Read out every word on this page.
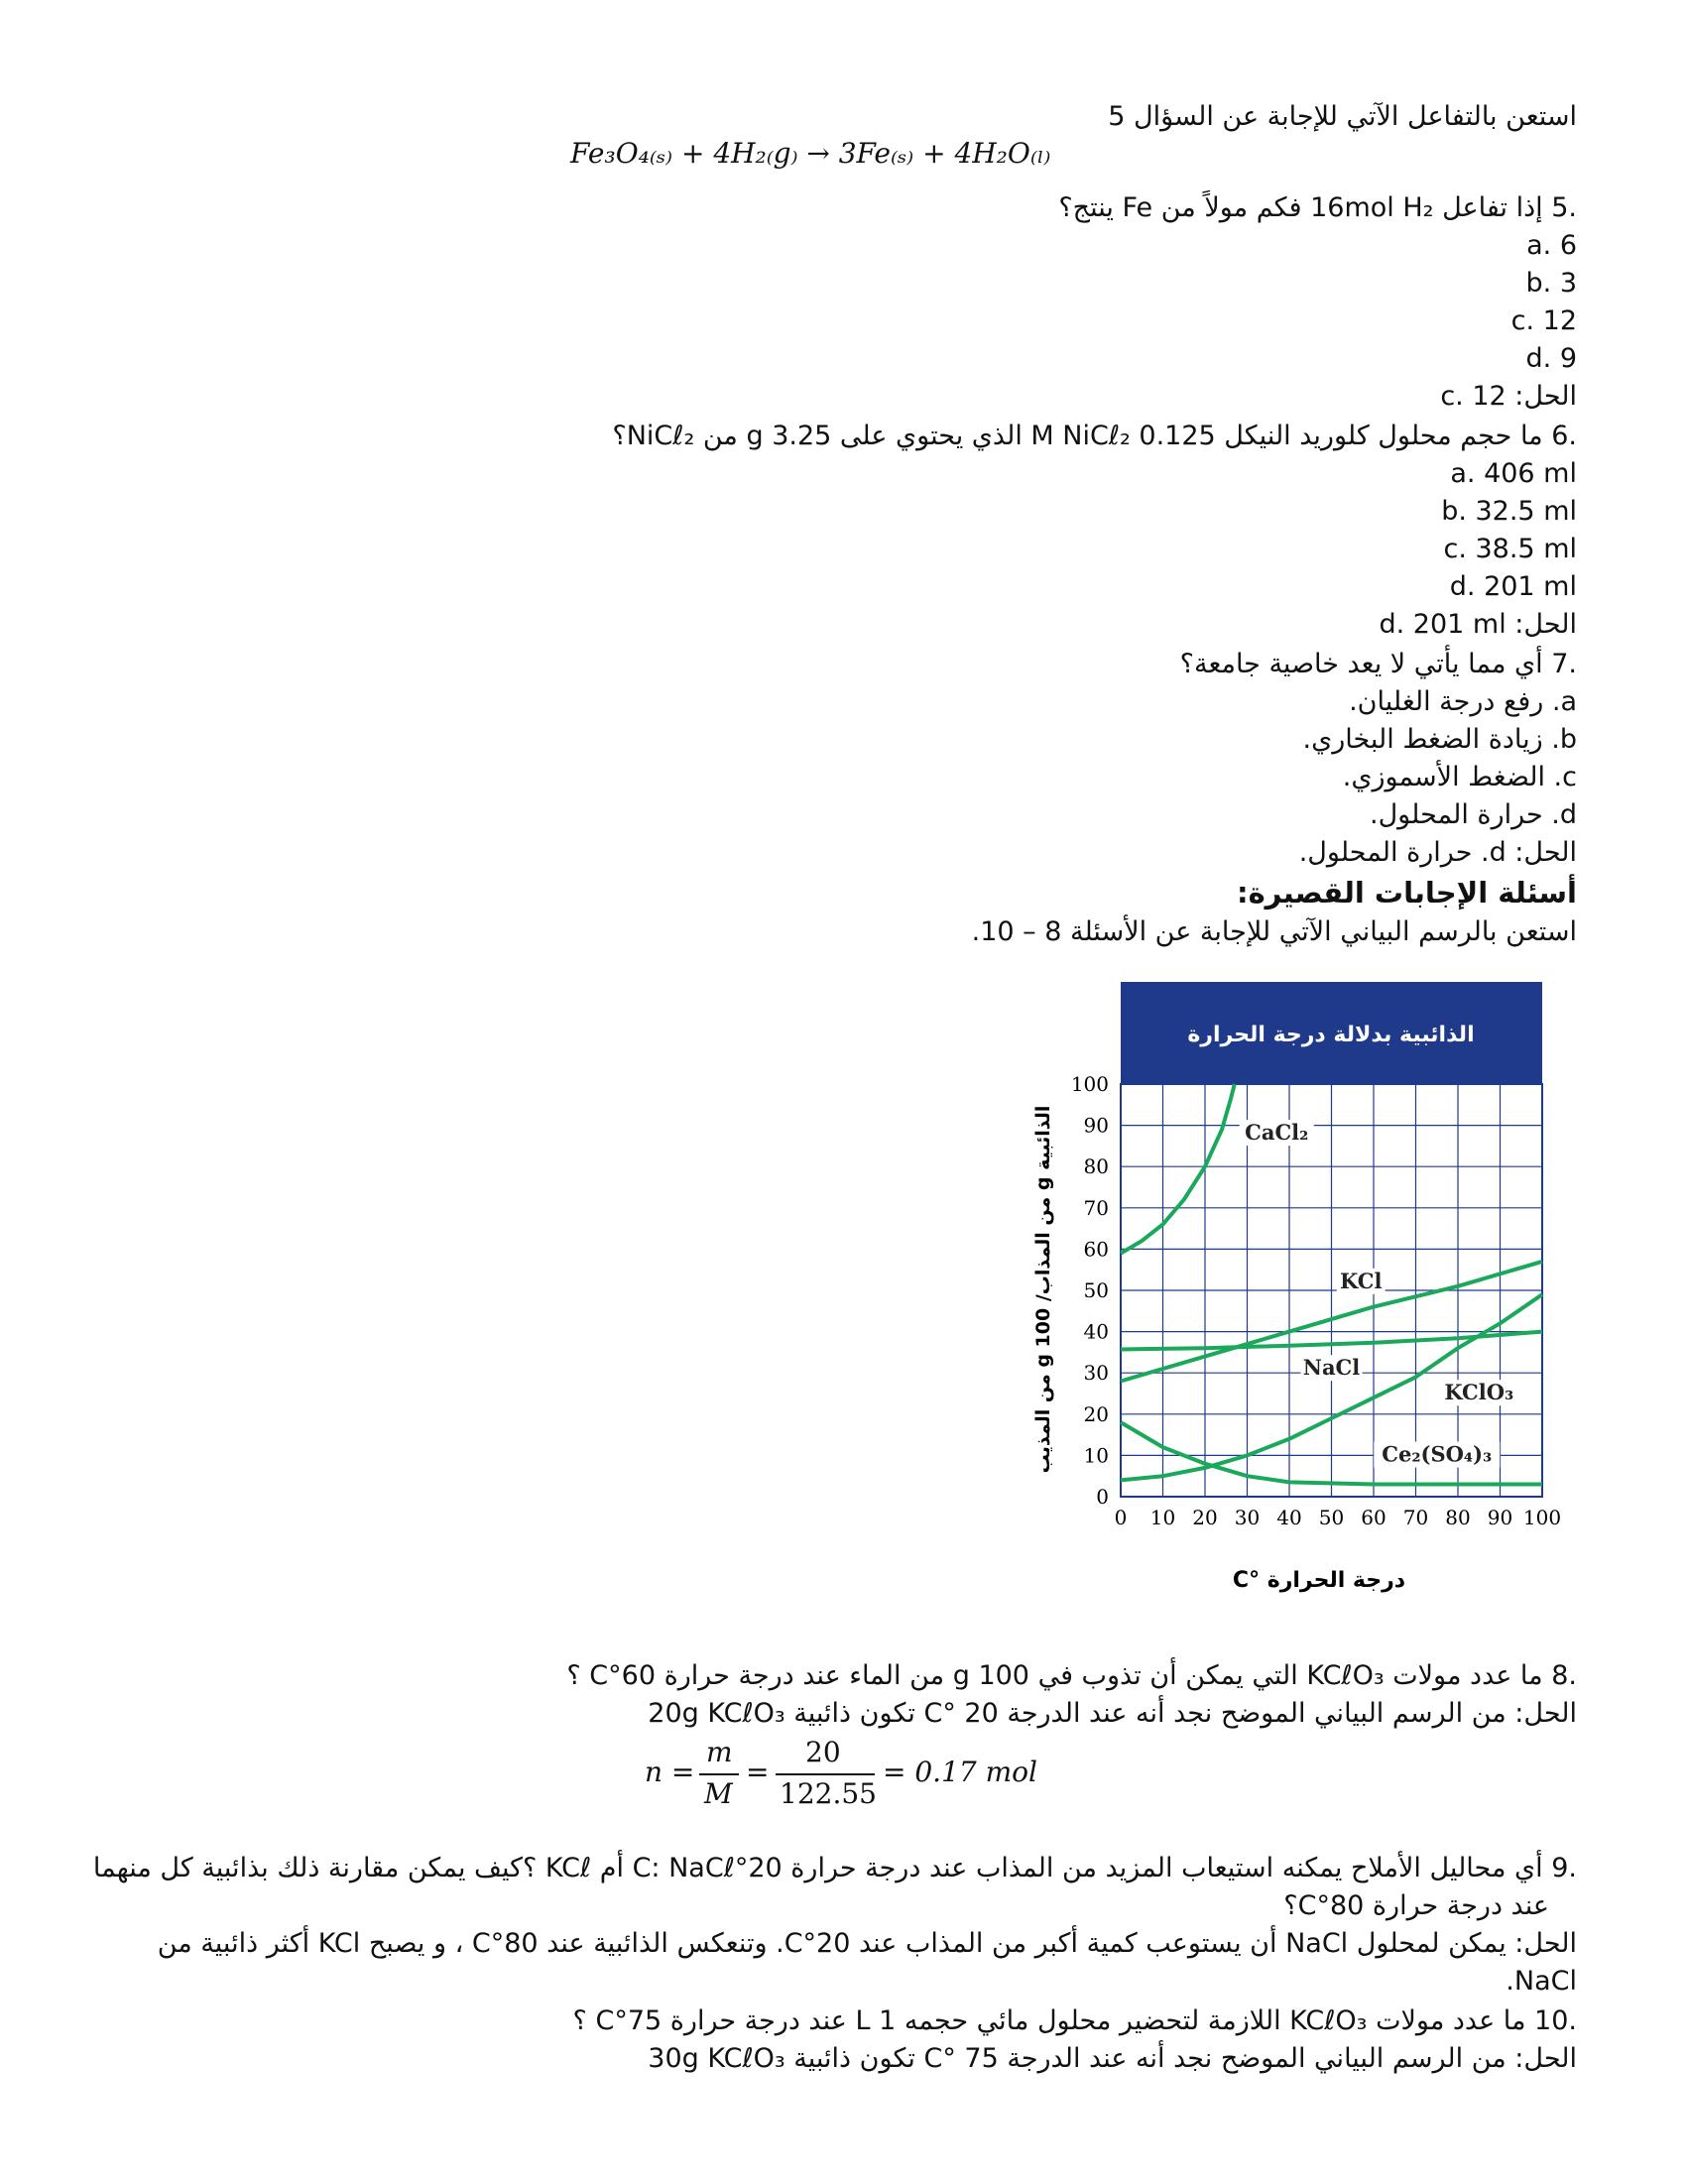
استعن بالتفاعل الآتي للإجابة عن السؤال 5
Fe₃O₄₍ₛ₎ + 4H₂₍g₎ → 3Fe₍ₛ₎ + 4H₂O₍ₗ₎
.5 إذا تفاعل 16mol H₂ فكم مولاً من Fe ينتج؟
a. 6
b. 3
c. 12
d. 9
الحل: c. 12
.6 ما حجم محلول كلوريد النيكل 0.125 M NiCℓ₂ الذي يحتوي على 3.25 g من NiCℓ₂؟
a. 406 ml
b. 32.5 ml
c. 38.5 ml
d. 201 ml
الحل: d. 201 ml
.7 أي مما يأتي لا يعد خاصية جامعة؟
a. رفع درجة الغليان.
b. زيادة الضغط البخاري.
c. الضغط الأسموزي.
d. حرارة المحلول.
الحل: d. حرارة المحلول.
أسئلة الإجابات القصيرة:
استعن بالرسم البياني الآتي للإجابة عن الأسئلة 8 – 10.
الذائبية بدلالة درجة الحرارة
0 10 20 30 40 50 60 70 80 90 100
0
10
20
30
40
50
60
70
80
90
100
CaCl₂
KCl
NaCl
KClO₃
Ce₂(SO₄)₃
درجة الحرارة °C
الذائبية g من المذاب/ 100 g من المذيب
.8 ما عدد مولات KCℓO₃ التي يمكن أن تذوب في 100 g من الماء عند درجة حرارة 60°C ؟
الحل: من الرسم البياني الموضح نجد أنه عند الدرجة 20 °C تكون ذائبية 20g KCℓO₃
n =
m
M
=
20
122.55
= 0.17 mol
.9 أي محاليل الأملاح يمكنه استيعاب المزيد من المذاب عند درجة حرارة 20°C: NaCℓ أم KCℓ ؟كيف يمكن مقارنة ذلك بذائبية كل منهما
عند درجة حرارة 80°C؟
الحل: يمكن لمحلول NaCl أن يستوعب كمية أكبر من المذاب عند 20°C. وتنعكس الذائبية عند 80°C ، و يصبح KCl أكثر ذائبية من
NaCl.
.10 ما عدد مولات KCℓO₃ اللازمة لتحضير محلول مائي حجمه 1 L عند درجة حرارة 75°C ؟
الحل: من الرسم البياني الموضح نجد أنه عند الدرجة 75 °C تكون ذائبية 30g KCℓO₃
